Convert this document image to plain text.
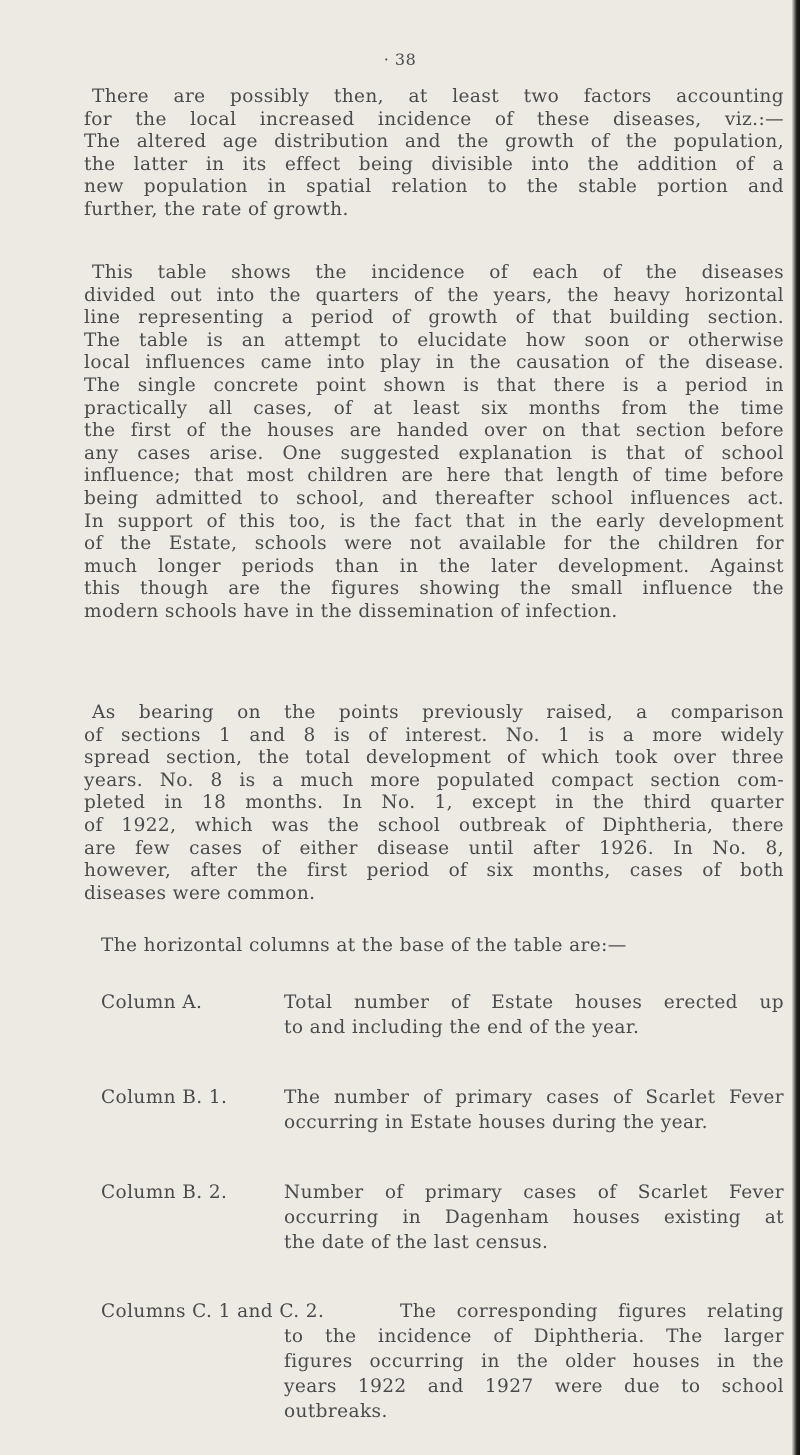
· 38
There are possibly then, at least two factors accounting
for the local increased incidence of these diseases, viz.:—
The altered age distribution and the growth of the population,
the latter in its effect being divisible into the addition of a
new population in spatial relation to the stable portion and
further, the rate of growth.
This table shows the incidence of each of the diseases
divided out into the quarters of the years, the heavy horizontal
line representing a period of growth of that building section.
The table is an attempt to elucidate how soon or otherwise
local influences came into play in the causation of the disease.
The single concrete point shown is that there is a period in
practically all cases, of at least six months from the time
the first of the houses are handed over on that section before
any cases arise. One suggested explanation is that of school
influence; that most children are here that length of time before
being admitted to school, and thereafter school influences act.
In support of this too, is the fact that in the early development
of the Estate, schools were not available for the children for
much longer periods than in the later development. Against
this though are the figures showing the small influence the
modern schools have in the dissemination of infection.
As bearing on the points previously raised, a comparison
of sections 1 and 8 is of interest. No. 1 is a more widely
spread section, the total development of which took over three
years. No. 8 is a much more populated compact section com-
pleted in 18 months. In No. 1, except in the third quarter
of 1922, which was the school outbreak of Diphtheria, there
are few cases of either disease until after 1926. In No. 8,
however, after the first period of six months, cases of both
diseases were common.
The horizontal columns at the base of the table are:—
Column A.	Total number of Estate houses erected up
to and including the end of the year.
Column B. 1.	The number of primary cases of Scarlet Fever
occurring in Estate houses during the year.
Column B. 2.	Number of primary cases of Scarlet Fever
occurring in Dagenham houses existing at
the date of the last census.
Columns C. 1 and C. 2.	The corresponding figures relating
to the incidence of Diphtheria. The larger
figures occurring in the older houses in the
years 1922 and 1927 were due to school
outbreaks.
